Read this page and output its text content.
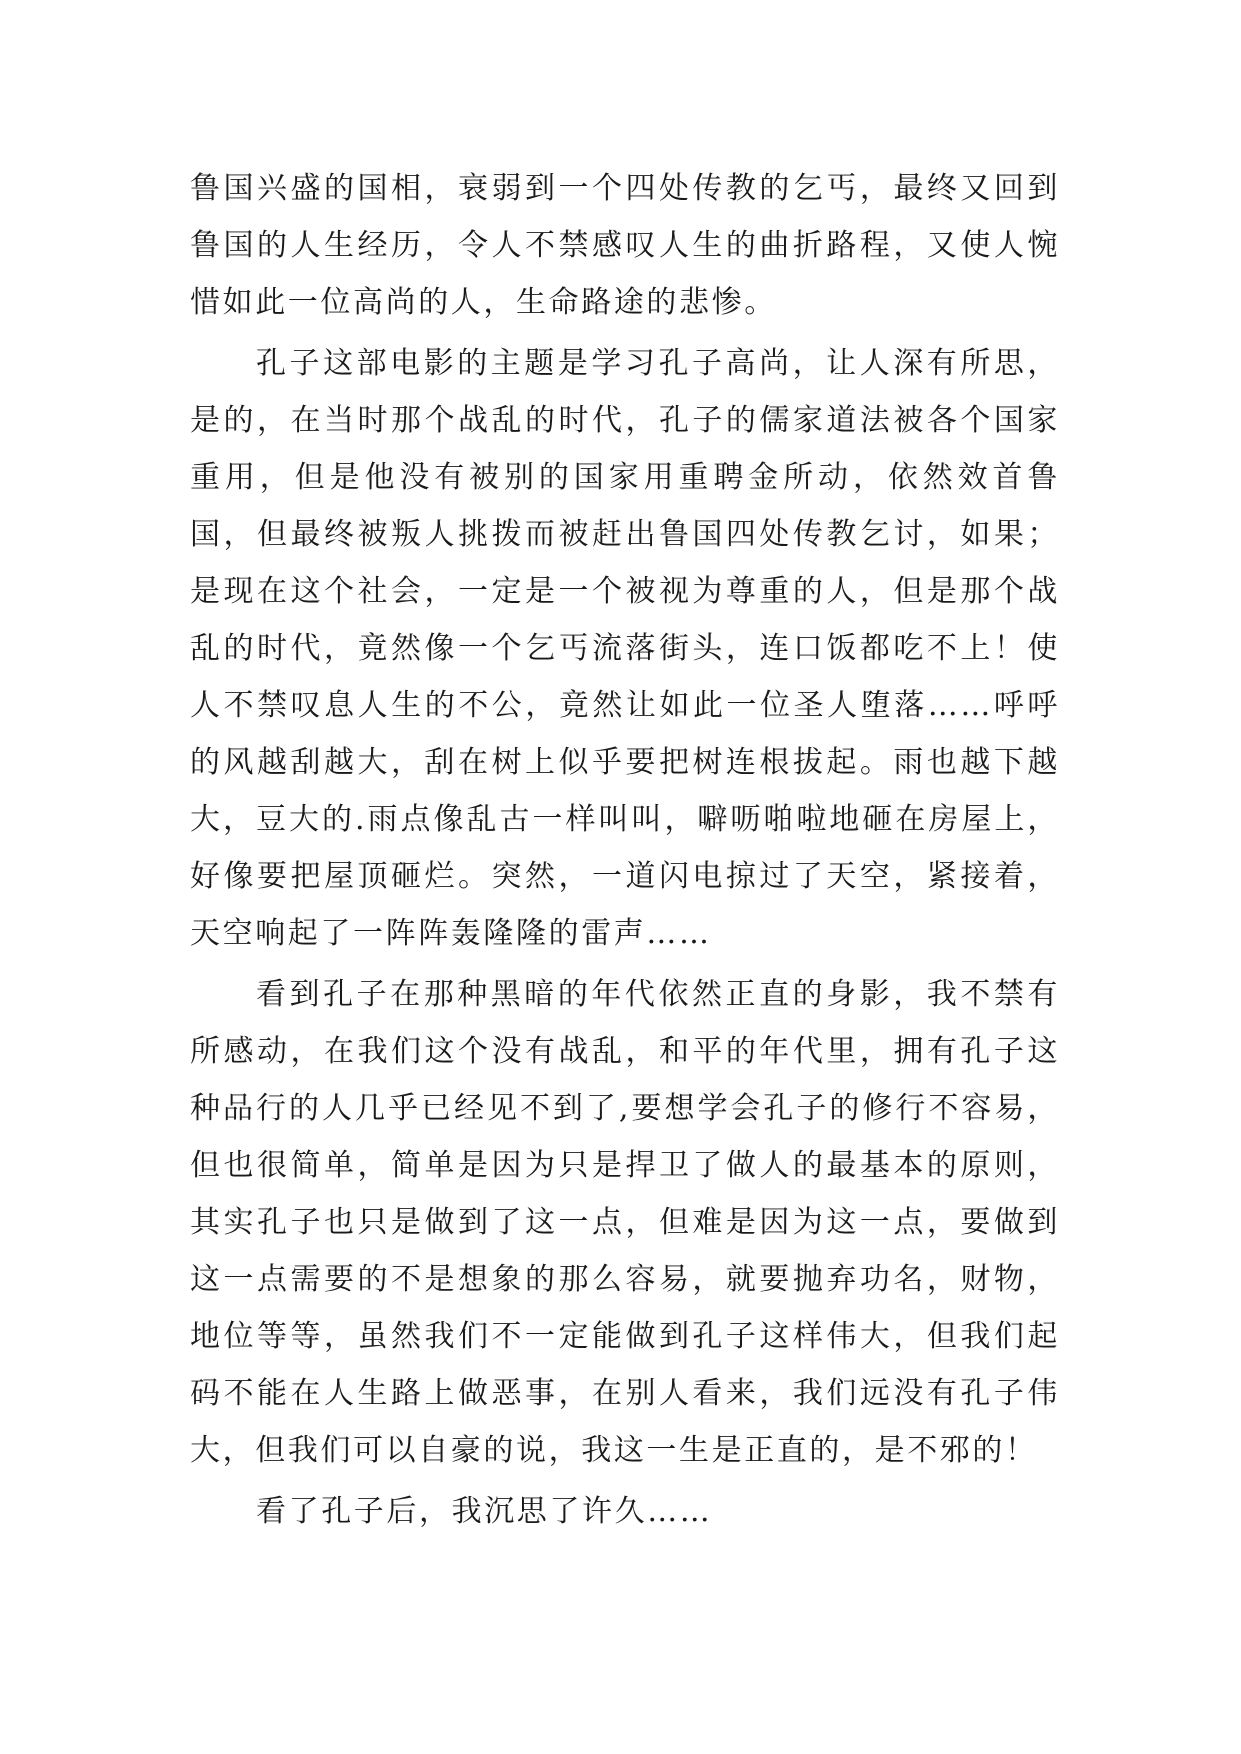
鲁国兴盛的国相，衰弱到一个四处传教的乞丐，最终又回到鲁国的人生经历，令人不禁感叹人生的曲折路程，又使人惋惜如此一位高尚的人，生命路途的悲惨。

孔子这部电影的主题是学习孔子高尚，让人深有所思，是的，在当时那个战乱的时代，孔子的儒家道法被各个国家重用，但是他没有被别的国家用重聘金所动，依然效首鲁国，但最终被叛人挑拨而被赶出鲁国四处传教乞讨，如果；是现在这个社会，一定是一个被视为尊重的人，但是那个战乱的时代，竟然像一个乞丐流落街头，连口饭都吃不上！使人不禁叹息人生的不公，竟然让如此一位圣人堕落……呼呼的风越刮越大，刮在树上似乎要把树连根拔起。雨也越下越大，豆大的.雨点像乱古一样叫叫，噼呖啪啦地砸在房屋上，好像要把屋顶砸烂。突然，一道闪电掠过了天空，紧接着，天空响起了一阵阵轰隆隆的雷声……

看到孔子在那种黑暗的年代依然正直的身影，我不禁有所感动，在我们这个没有战乱，和平的年代里，拥有孔子这种品行的人几乎已经见不到了,要想学会孔子的修行不容易，但也很简单，简单是因为只是捍卫了做人的最基本的原则，其实孔子也只是做到了这一点，但难是因为这一点，要做到这一点需要的不是想象的那么容易，就要抛弃功名，财物，地位等等，虽然我们不一定能做到孔子这样伟大，但我们起码不能在人生路上做恶事，在别人看来，我们远没有孔子伟大，但我们可以自豪的说，我这一生是正直的，是不邪的！

看了孔子后，我沉思了许久……
